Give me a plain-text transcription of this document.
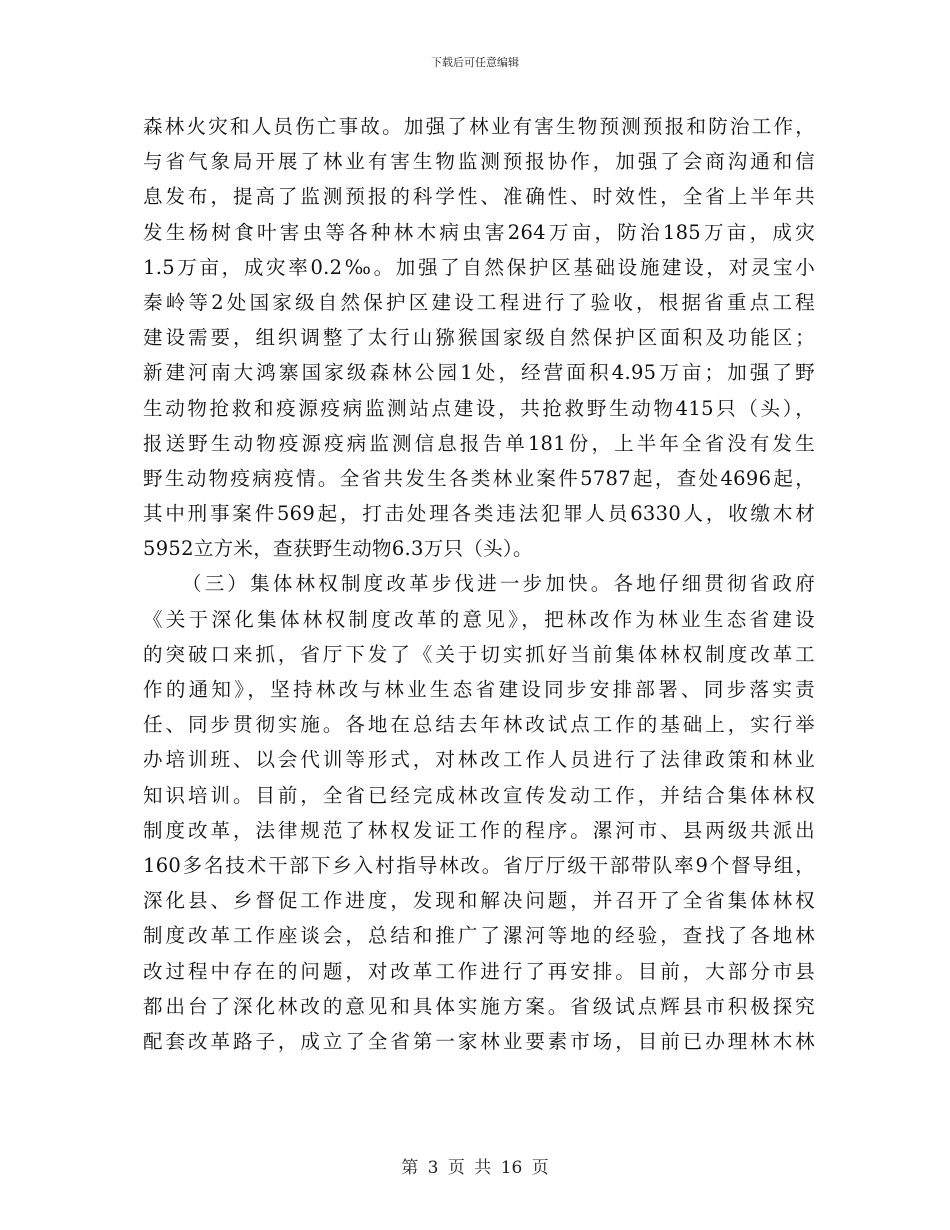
下载后可任意编辑
森林火灾和人员伤亡事故。加强了林业有害生物预测预报和防治工作，
与省气象局开展了林业有害生物监测预报协作，加强了会商沟通和信
息发布，提高了监测预报的科学性、准确性、时效性，全省上半年共
发生杨树食叶害虫等各种林木病虫害264万亩，防治185万亩，成灾
1.5万亩，成灾率0.2‰。加强了自然保护区基础设施建设，对灵宝小
秦岭等2处国家级自然保护区建设工程进行了验收，根据省重点工程
建设需要，组织调整了太行山猕猴国家级自然保护区面积及功能区；
新建河南大鸿寨国家级森林公园1处，经营面积4.95万亩；加强了野
生动物抢救和疫源疫病监测站点建设，共抢救野生动物415只（头），
报送野生动物疫源疫病监测信息报告单181份，上半年全省没有发生
野生动物疫病疫情。全省共发生各类林业案件5787起，查处4696起，
其中刑事案件569起，打击处理各类违法犯罪人员6330人，收缴木材
5952立方米，查获野生动物6.3万只（头）。
（三）集体林权制度改革步伐进一步加快。各地仔细贯彻省政府
《关于深化集体林权制度改革的意见》，把林改作为林业生态省建设
的突破口来抓，省厅下发了《关于切实抓好当前集体林权制度改革工
作的通知》，坚持林改与林业生态省建设同步安排部署、同步落实责
任、同步贯彻实施。各地在总结去年林改试点工作的基础上，实行举
办培训班、以会代训等形式，对林改工作人员进行了法律政策和林业
知识培训。目前，全省已经完成林改宣传发动工作，并结合集体林权
制度改革，法律规范了林权发证工作的程序。漯河市、县两级共派出
160多名技术干部下乡入村指导林改。省厅厅级干部带队率9个督导组，
深化县、乡督促工作进度，发现和解决问题，并召开了全省集体林权
制度改革工作座谈会，总结和推广了漯河等地的经验，查找了各地林
改过程中存在的问题，对改革工作进行了再安排。目前，大部分市县
都出台了深化林改的意见和具体实施方案。省级试点辉县市积极探究
配套改革路子，成立了全省第一家林业要素市场，目前已办理林木林
第 3 页 共 16 页
